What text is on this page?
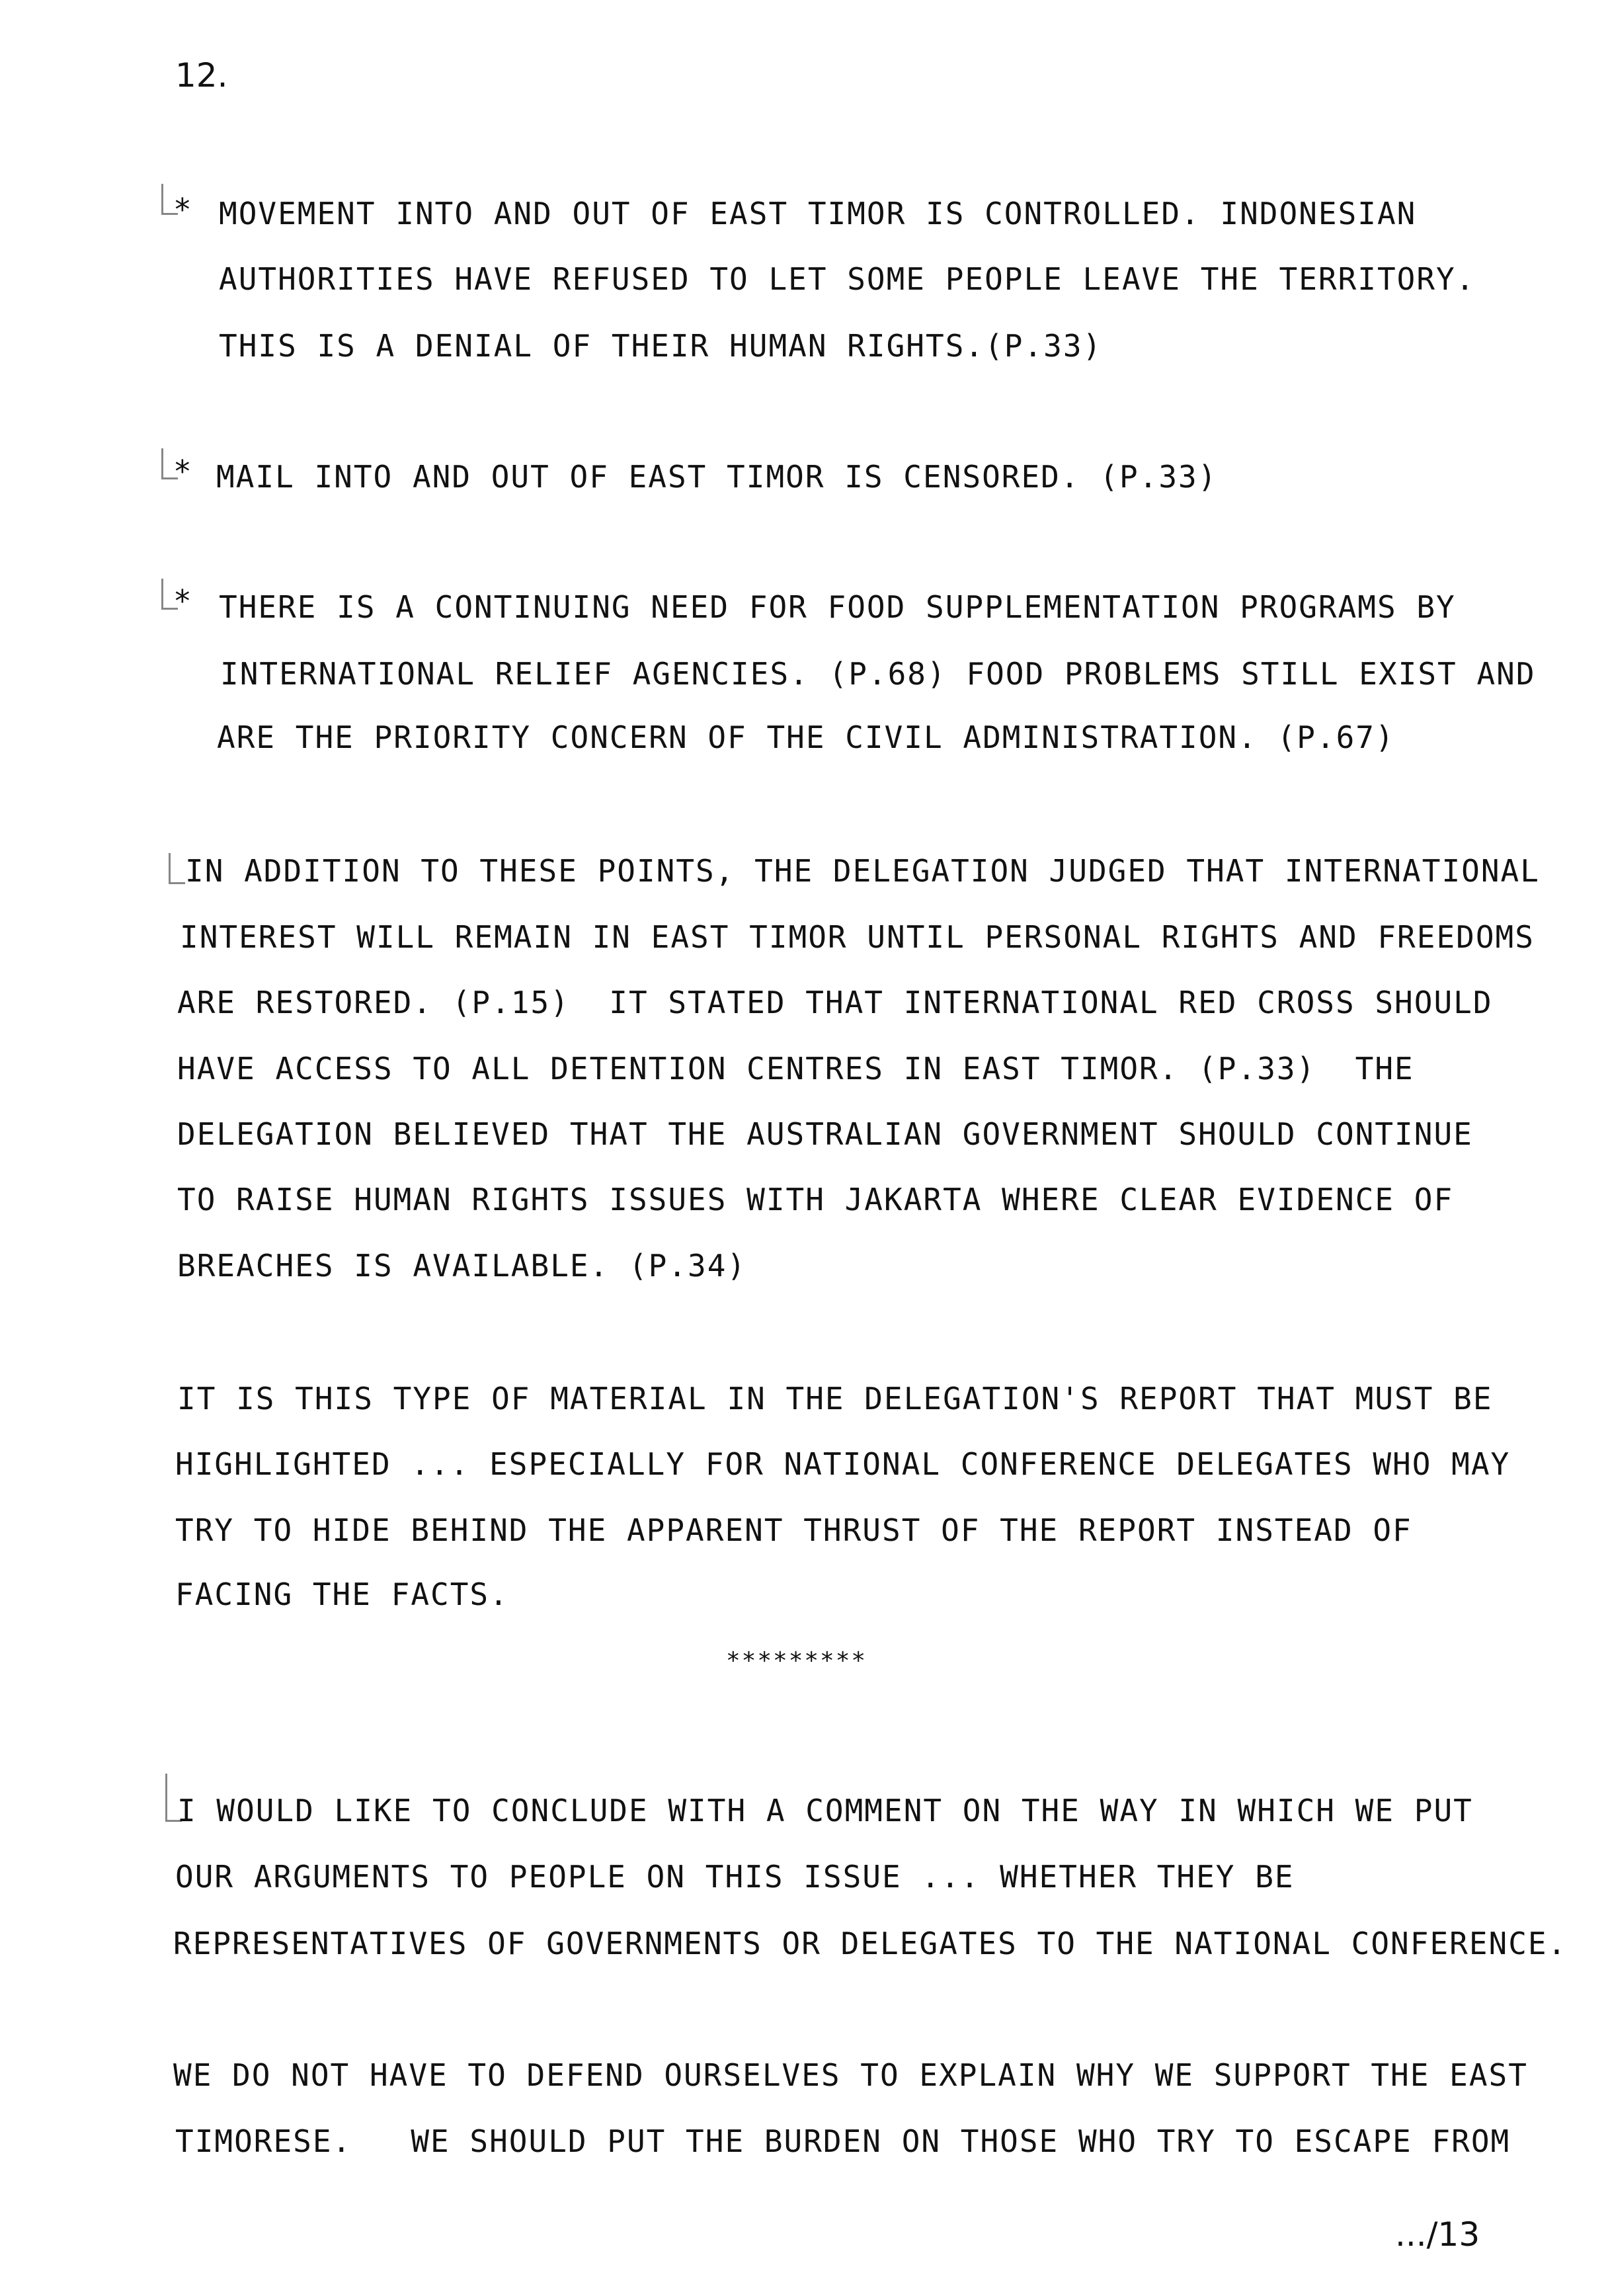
12.
* MOVEMENT INTO AND OUT OF EAST TIMOR IS CONTROLLED. INDONESIAN
AUTHORITIES HAVE REFUSED TO LET SOME PEOPLE LEAVE THE TERRITORY.
THIS IS A DENIAL OF THEIR HUMAN RIGHTS.(P.33)
* MAIL INTO AND OUT OF EAST TIMOR IS CENSORED. (P.33)
* THERE IS A CONTINUING NEED FOR FOOD SUPPLEMENTATION PROGRAMS BY
INTERNATIONAL RELIEF AGENCIES. (P.68) FOOD PROBLEMS STILL EXIST AND
ARE THE PRIORITY CONCERN OF THE CIVIL ADMINISTRATION. (P.67)
IN ADDITION TO THESE POINTS, THE DELEGATION JUDGED THAT INTERNATIONAL
INTEREST WILL REMAIN IN EAST TIMOR UNTIL PERSONAL RIGHTS AND FREEDOMS
ARE RESTORED. (P.15)  IT STATED THAT INTERNATIONAL RED CROSS SHOULD
HAVE ACCESS TO ALL DETENTION CENTRES IN EAST TIMOR. (P.33)  THE
DELEGATION BELIEVED THAT THE AUSTRALIAN GOVERNMENT SHOULD CONTINUE
TO RAISE HUMAN RIGHTS ISSUES WITH JAKARTA WHERE CLEAR EVIDENCE OF
BREACHES IS AVAILABLE. (P.34)
IT IS THIS TYPE OF MATERIAL IN THE DELEGATION'S REPORT THAT MUST BE
HIGHLIGHTED ... ESPECIALLY FOR NATIONAL CONFERENCE DELEGATES WHO MAY
TRY TO HIDE BEHIND THE APPARENT THRUST OF THE REPORT INSTEAD OF
FACING THE FACTS.
*********
I WOULD LIKE TO CONCLUDE WITH A COMMENT ON THE WAY IN WHICH WE PUT
OUR ARGUMENTS TO PEOPLE ON THIS ISSUE ... WHETHER THEY BE
REPRESENTATIVES OF GOVERNMENTS OR DELEGATES TO THE NATIONAL CONFERENCE.
WE DO NOT HAVE TO DEFEND OURSELVES TO EXPLAIN WHY WE SUPPORT THE EAST
TIMORESE.   WE SHOULD PUT THE BURDEN ON THOSE WHO TRY TO ESCAPE FROM
.../13
